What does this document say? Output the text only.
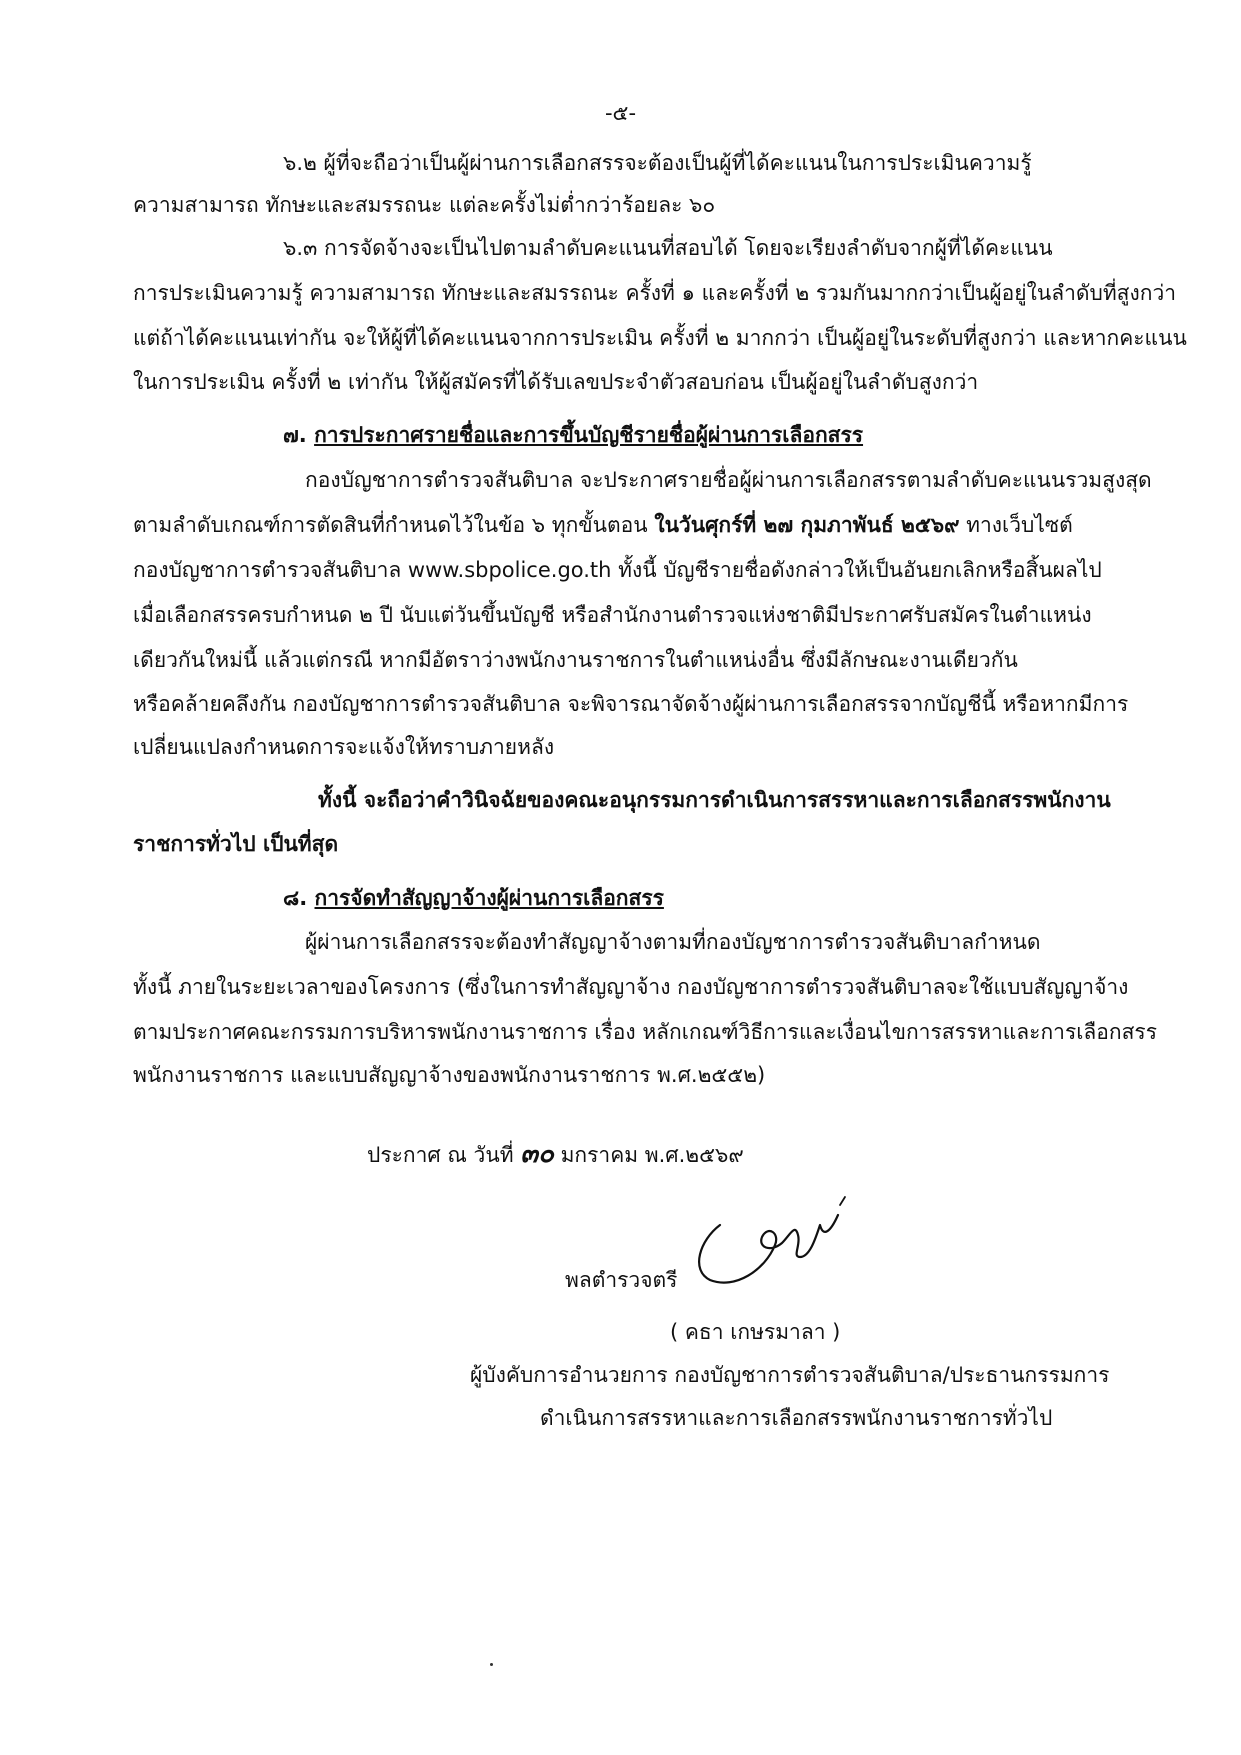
-๕-
๖.๒ ผู้ที่จะถือว่าเป็นผู้ผ่านการเลือกสรรจะต้องเป็นผู้ที่ได้คะแนนในการประเมินความรู้
ความสามารถ ทักษะและสมรรถนะ แต่ละครั้งไม่ต่ำกว่าร้อยละ ๖๐
๖.๓ การจัดจ้างจะเป็นไปตามลำดับคะแนนที่สอบได้ โดยจะเรียงลำดับจากผู้ที่ได้คะแนน
การประเมินความรู้ ความสามารถ ทักษะและสมรรถนะ ครั้งที่ ๑ และครั้งที่ ๒ รวมกันมากกว่าเป็นผู้อยู่ในลำดับที่สูงกว่า
แต่ถ้าได้คะแนนเท่ากัน จะให้ผู้ที่ได้คะแนนจากการประเมิน ครั้งที่ ๒ มากกว่า เป็นผู้อยู่ในระดับที่สูงกว่า และหากคะแนน
ในการประเมิน ครั้งที่ ๒ เท่ากัน ให้ผู้สมัครที่ได้รับเลขประจำตัวสอบก่อน เป็นผู้อยู่ในลำดับสูงกว่า
๗. การประกาศรายชื่อและการขึ้นบัญชีรายชื่อผู้ผ่านการเลือกสรร
กองบัญชาการตำรวจสันติบาล จะประกาศรายชื่อผู้ผ่านการเลือกสรรตามลำดับคะแนนรวมสูงสุด
ตามลำดับเกณฑ์การตัดสินที่กำหนดไว้ในข้อ ๖ ทุกขั้นตอน ในวันศุกร์ที่ ๒๗ กุมภาพันธ์ ๒๕๖๙ ทางเว็บไซต์
กองบัญชาการตำรวจสันติบาล www.sbpolice.go.th ทั้งนี้ บัญชีรายชื่อดังกล่าวให้เป็นอันยกเลิกหรือสิ้นผลไป
เมื่อเลือกสรรครบกำหนด ๒ ปี นับแต่วันขึ้นบัญชี หรือสำนักงานตำรวจแห่งชาติมีประกาศรับสมัครในตำแหน่ง
เดียวกันใหม่นี้ แล้วแต่กรณี หากมีอัตราว่างพนักงานราชการในตำแหน่งอื่น ซึ่งมีลักษณะงานเดียวกัน
หรือคล้ายคลึงกัน กองบัญชาการตำรวจสันติบาล จะพิจารณาจัดจ้างผู้ผ่านการเลือกสรรจากบัญชีนี้ หรือหากมีการ
เปลี่ยนแปลงกำหนดการจะแจ้งให้ทราบภายหลัง
ทั้งนี้ จะถือว่าคำวินิจฉัยของคณะอนุกรรมการดำเนินการสรรหาและการเลือกสรรพนักงาน
ราชการทั่วไป เป็นที่สุด
๘. การจัดทำสัญญาจ้างผู้ผ่านการเลือกสรร
ผู้ผ่านการเลือกสรรจะต้องทำสัญญาจ้างตามที่กองบัญชาการตำรวจสันติบาลกำหนด
ทั้งนี้ ภายในระยะเวลาของโครงการ (ซึ่งในการทำสัญญาจ้าง กองบัญชาการตำรวจสันติบาลจะใช้แบบสัญญาจ้าง
ตามประกาศคณะกรรมการบริหารพนักงานราชการ เรื่อง หลักเกณฑ์วิธีการและเงื่อนไขการสรรหาและการเลือกสรร
พนักงานราชการ และแบบสัญญาจ้างของพนักงานราชการ พ.ศ.๒๕๕๒)
ประกาศ ณ วันที่ ๓๐ มกราคม พ.ศ.๒๕๖๙
พลตำรวจตรี
( คธา เกษรมาลา )
ผู้บังคับการอำนวยการ กองบัญชาการตำรวจสันติบาล/ประธานกรรมการ
ดำเนินการสรรหาและการเลือกสรรพนักงานราชการทั่วไป
